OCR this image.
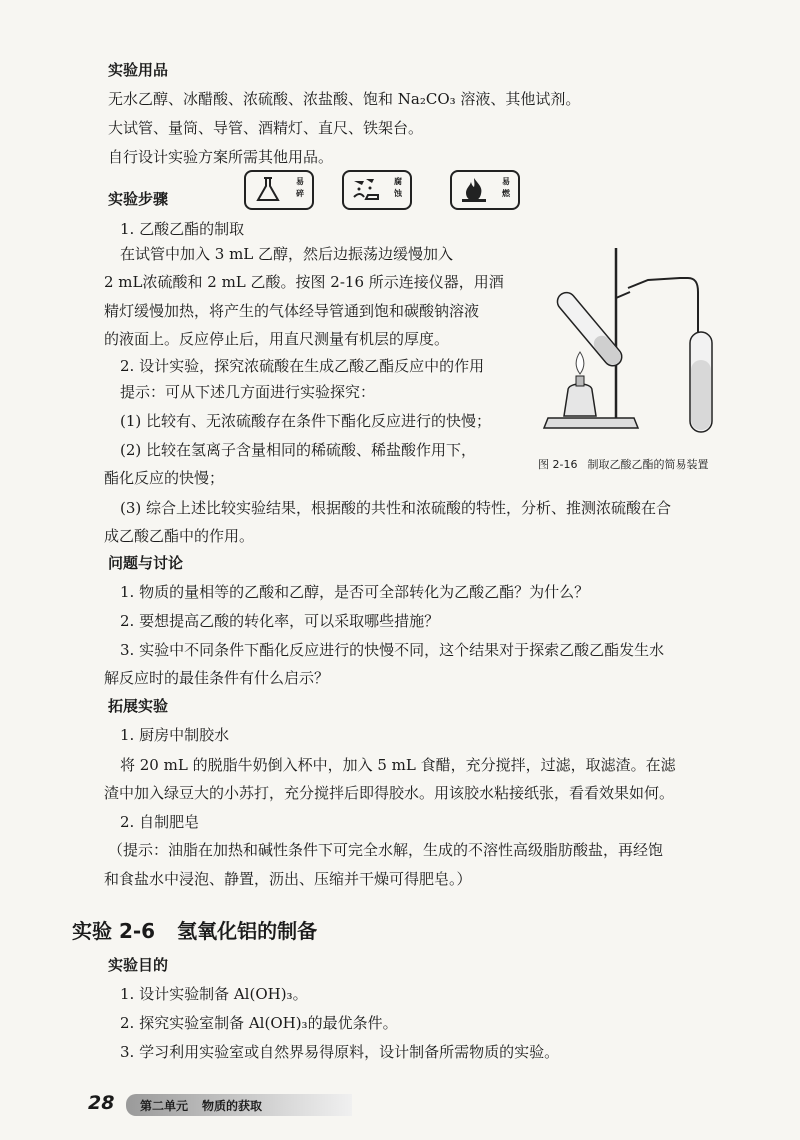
实验用品
无水乙醇、冰醋酸、浓硫酸、浓盐酸、饱和 Na₂CO₃ 溶液、其他试剂。
大试管、量筒、导管、酒精灯、直尺、铁架台。
自行设计实验方案所需其他用品。
实验步骤
易碎
腐蚀
易燃
1. 乙酸乙酯的制取
在试管中加入 3 mL 乙醇，然后边振荡边缓慢加入
2 mL浓硫酸和 2 mL 乙酸。按图 2-16 所示连接仪器，用酒
精灯缓慢加热，将产生的气体经导管通到饱和碳酸钠溶液
的液面上。反应停止后，用直尺测量有机层的厚度。
2. 设计实验，探究浓硫酸在生成乙酸乙酯反应中的作用
提示：可从下述几方面进行实验探究：
(1) 比较有、无浓硫酸存在条件下酯化反应进行的快慢；
(2) 比较在氢离子含量相同的稀硫酸、稀盐酸作用下，
酯化反应的快慢；
(3) 综合上述比较实验结果，根据酸的共性和浓硫酸的特性，分析、推测浓硫酸在合
成乙酸乙酯中的作用。
图 2-16 制取乙酸乙酯的简易装置
问题与讨论
1. 物质的量相等的乙酸和乙醇，是否可全部转化为乙酸乙酯？为什么？
2. 要想提高乙酸的转化率，可以采取哪些措施？
3. 实验中不同条件下酯化反应进行的快慢不同，这个结果对于探索乙酸乙酯发生水
解反应时的最佳条件有什么启示？
拓展实验
1. 厨房中制胶水
将 20 mL 的脱脂牛奶倒入杯中，加入 5 mL 食醋，充分搅拌，过滤，取滤渣。在滤
渣中加入绿豆大的小苏打，充分搅拌后即得胶水。用该胶水粘接纸张，看看效果如何。
2. 自制肥皂
（提示：油脂在加热和碱性条件下可完全水解，生成的不溶性高级脂肪酸盐，再经饱
和食盐水中浸泡、静置，沥出、压缩并干燥可得肥皂。）
实验 2-6 氢氧化铝的制备
实验目的
1. 设计实验制备 Al(OH)₃。
2. 探究实验室制备 Al(OH)₃的最优条件。
3. 学习利用实验室或自然界易得原料，设计制备所需物质的实验。
28 第二单元 物质的获取
